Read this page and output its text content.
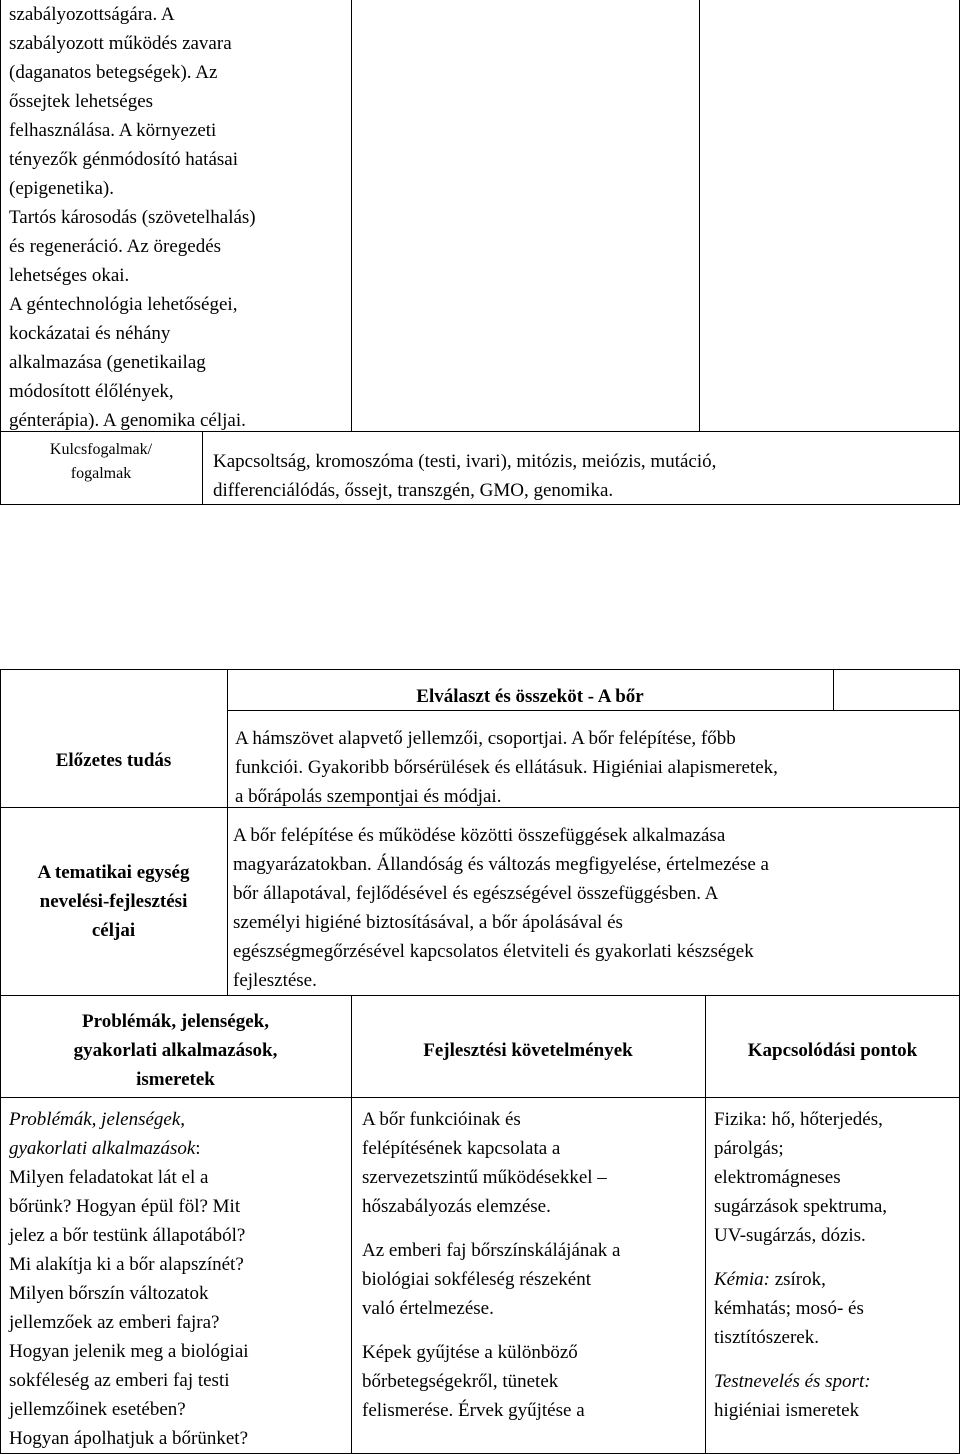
szabályozottságára. A
szabályozott működés zavara
(daganatos betegségek). Az
őssejtek lehetséges
felhasználása. A környezeti
tényezők génmódosító hatásai
(epigenetika).
Tartós károsodás (szövetelhalás)
és regeneráció. Az öregedés
lehetséges okai.
A géntechnológia lehetőségei,
kockázatai és néhány
alkalmazása (genetikailag
módosított élőlények,
génterápia). A genomika céljai.

Kulcsfogalmak/
fogalmak

Kapcsoltság, kromoszóma (testi, ivari), mitózis, meiózis, mutáció,
differenciálódás, őssejt, transzgén, GMO, genomika.

Elválaszt és összeköt - A bőr

Előzetes tudás

A hámszövet alapvető jellemzői, csoportjai. A bőr felépítése, főbb
funkciói. Gyakoribb bőrsérülések és ellátásuk. Higiéniai alapismeretek,
a bőrápolás szempontjai és módjai.

A tematikai egység
nevelési-fejlesztési
céljai

A bőr felépítése és működése közötti összefüggések alkalmazása
magyarázatokban. Állandóság és változás megfigyelése, értelmezése a
bőr állapotával, fejlődésével és egészségével összefüggésben. A
személyi higiéné biztosításával, a bőr ápolásával és
egészségmegőrzésével kapcsolatos életviteli és gyakorlati készségek
fejlesztése.

Problémák, jelenségek,
gyakorlati alkalmazások,
ismeretek

Fejlesztési követelmények	Kapcsolódási pontok

Problémák, jelenségek,
gyakorlati alkalmazások:

Milyen feladatokat lát el a
bőrünk? Hogyan épül föl? Mit
jelez a bőr testünk állapotából?
Mi alakítja ki a bőr alapszínét?
Milyen bőrszín változatok
jellemzőek az emberi fajra?
Hogyan jelenik meg a biológiai
sokféleség az emberi faj testi
jellemzőinek esetében?
Hogyan ápolhatjuk a bőrünket?

A bőr funkcióinak és
felépítésének kapcsolata a
szervezetszintű működésekkel –
hőszabályozás elemzése.

Az emberi faj bőrszínskálájának a
biológiai sokféleség részeként
való értelmezése.

Képek gyűjtése a különböző
bőrbetegségekről, tünetek
felismerése. Érvek gyűjtése a

Fizika: hő, hőterjedés,
párolgás;
elektromágneses
sugárzások spektruma,
UV-sugárzás, dózis.

Kémia: zsírok,
kémhatás; mosó- és
tisztítószerek.

Testnevelés és sport:
higiéniai ismeretek
